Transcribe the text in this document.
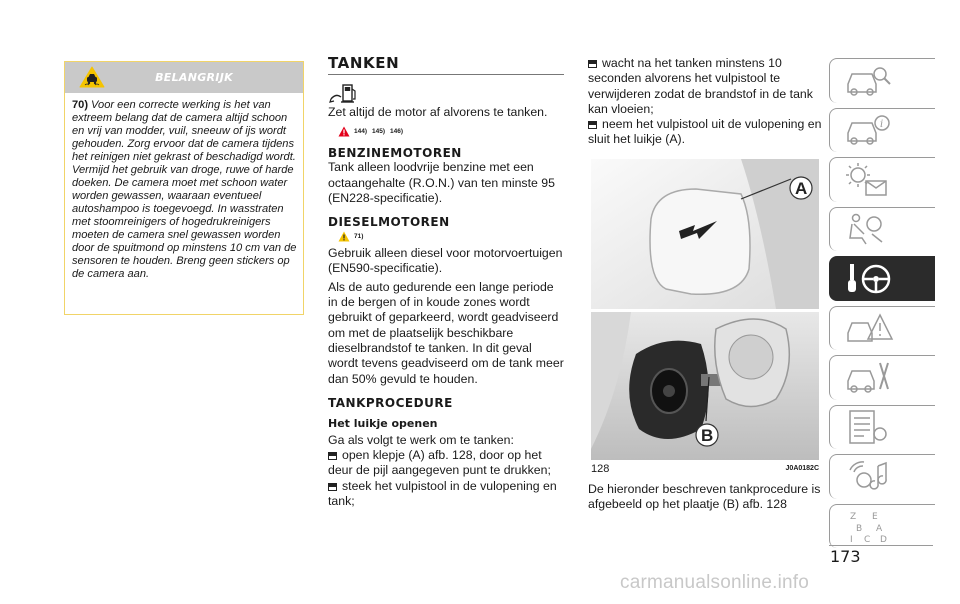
BELANGRIJK
70) Voor een correcte werking is het van extreem belang dat de camera altijd schoon en vrij van modder, vuil, sneeuw of ijs wordt gehouden. Zorg ervoor dat de camera tijdens het reinigen niet gekrast of beschadigd wordt. Vermijd het gebruik van droge, ruwe of harde doeken. De camera moet met schoon water worden gewassen, waaraan eventueel autoshampoo is toegevoegd. In wasstraten met stoomreinigers of hogedrukreinigers moeten de camera snel gewassen worden door de spuitmond op minstens 10 cm van de sensoren te houden. Breng geen stickers op de camera aan.
TANKEN
Zet altijd de motor af alvorens te tanken.
144) 145) 146)
BENZINEMOTOREN
Tank alleen loodvrije benzine met een octaangehalte (R.O.N.) van ten minste 95 (EN228-specificatie).
DIESELMOTOREN
71)
Gebruik alleen diesel voor motorvoertuigen (EN590-specificatie).
Als de auto gedurende een lange periode in de bergen of in koude zones wordt gebruikt of geparkeerd, wordt geadviseerd om met de plaatselijk beschikbare dieselbrandstof te tanken. In dit geval wordt tevens geadviseerd om de tank meer dan 50% gevuld te houden.
TANKPROCEDURE
Het luikje openen
Ga als volgt te werk om te tanken:
open klepje (A) afb. 128, door op het deur de pijl aangegeven punt te drukken;
steek het vulpistool in de vulopening en tank;
wacht na het tanken minstens 10 seconden alvorens het vulpistool te verwijderen zodat de brandstof in de tank kan vloeien;
neem het vulpistool uit de vulopening en sluit het luikje (A).
A
B
128	J0A0182C
De hieronder beschreven tankprocedure is afgebeeld op het plaatje (B) afb. 128
i
Z E
B A
I C D
173
carmanualsonline.info
